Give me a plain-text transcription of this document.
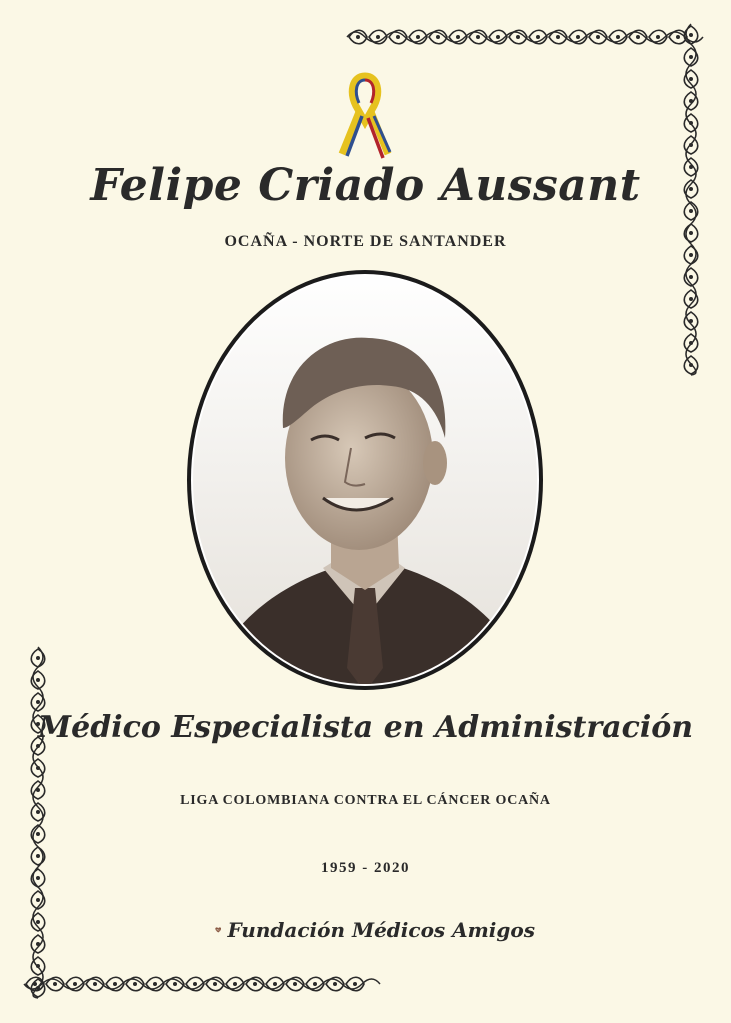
Felipe Criado Aussant
OCAÑA - NORTE DE SANTANDER
Médico Especialista en Administración
LIGA COLOMBIANA CONTRA EL CÁNCER OCAÑA
1959 - 2020
Fundación Médicos Amigos
